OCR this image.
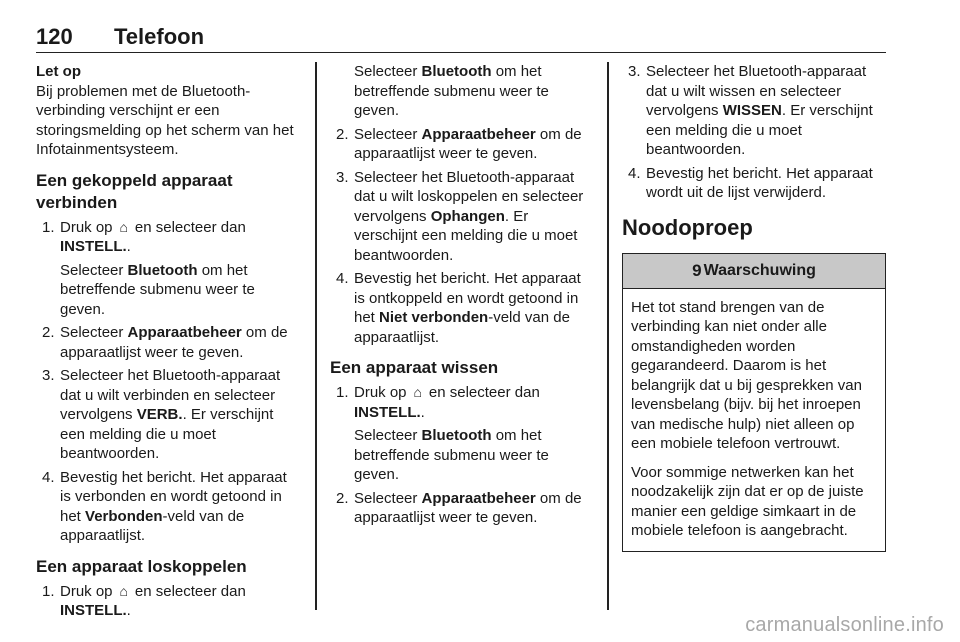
120 Telefoon

Let op

Bij problemen met de Bluetooth-verbinding verschijnt er een storingsmelding op het scherm van het Infotainmentsysteem.

Een gekoppeld apparaat verbinden
1. Druk op ⌂ en selecteer dan INSTELL..
Selecteer Bluetooth om het betreffende submenu weer te geven.
2. Selecteer Apparaatbeheer om de apparaatlijst weer te geven.
3. Selecteer het Bluetooth-apparaat dat u wilt verbinden en selecteer vervolgens VERB.. Er verschijnt een melding die u moet beantwoorden.
4. Bevestig het bericht. Het apparaat is verbonden en wordt getoond in het Verbonden-veld van de apparaatlijst.
Een apparaat loskoppelen
1. Druk op ⌂ en selecteer dan INSTELL..
Selecteer Bluetooth om het betreffende submenu weer te geven.
2. Selecteer Apparaatbeheer om de apparaatlijst weer te geven.
3. Selecteer het Bluetooth-apparaat dat u wilt loskoppelen en selecteer vervolgens Ophangen. Er verschijnt een melding die u moet beantwoorden.
4. Bevestig het bericht. Het apparaat is ontkoppeld en wordt getoond in het Niet verbonden-veld van de apparaatlijst.
Een apparaat wissen
1. Druk op ⌂ en selecteer dan INSTELL..
Selecteer Bluetooth om het betreffende submenu weer te geven.
2. Selecteer Apparaatbeheer om de apparaatlijst weer te geven.
3. Selecteer het Bluetooth-apparaat dat u wilt wissen en selecteer vervolgens WISSEN. Er verschijnt een melding die u moet beantwoorden.
4. Bevestig het bericht. Het apparaat wordt uit de lijst verwijderd.
Noodoproep
9 Waarschuwing

Het tot stand brengen van de verbinding kan niet onder alle omstandigheden worden gegarandeerd. Daarom is het belangrijk dat u bij gesprekken van levensbelang (bijv. bij het inroepen van medische hulp) niet alleen op een mobiele telefoon vertrouwt.

Voor sommige netwerken kan het noodzakelijk zijn dat er op de juiste manier een geldige simkaart in de mobiele telefoon is aangebracht.

carmanualsonline.info
